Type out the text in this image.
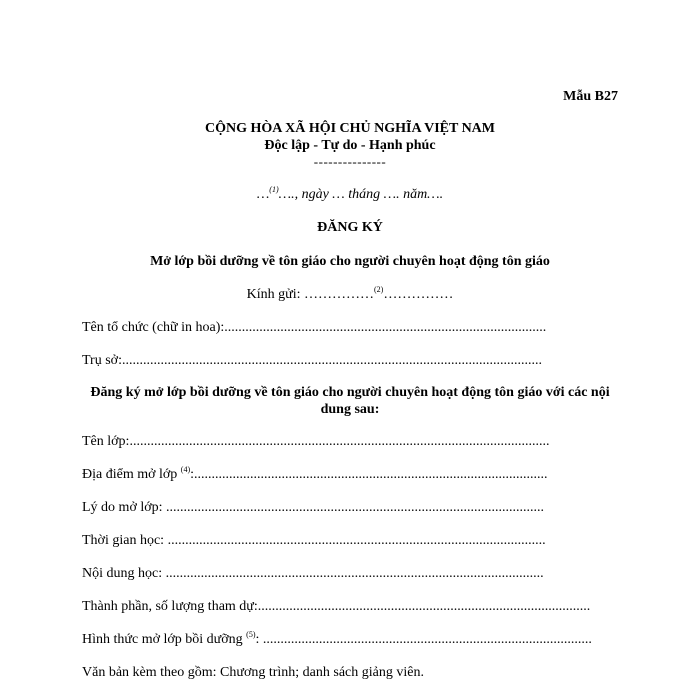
Mẫu B27
CỘNG HÒA XÃ HỘI CHỦ NGHĨA VIỆT NAM
Độc lập - Tự do - Hạnh phúc
---------------
…$^{(1)}$…., ngày … tháng …. năm….
ĐĂNG KÝ
Mở lớp bồi dưỡng về tôn giáo cho người chuyên hoạt động tôn giáo
Kính gửi: ……………$^{(2)}$……………
Tên tổ chức (chữ in hoa):............................................................................................
Trụ sở:........................................................................................................................
Đăng ký mở lớp bồi dưỡng về tôn giáo cho người chuyên hoạt động tôn giáo với các nội dung sau:
Tên lớp:........................................................................................................................
Địa điểm mở lớp $^{(4)}$:.....................................................................................................
Lý do mở lớp: ............................................................................................................
Thời gian học: ............................................................................................................
Nội dung học: ............................................................................................................
Thành phần, số lượng tham dự:...............................................................................................
Hình thức mở lớp bồi dưỡng $^{(5)}$: ..............................................................................................
Văn bản kèm theo gồm: Chương trình; danh sách giảng viên.
